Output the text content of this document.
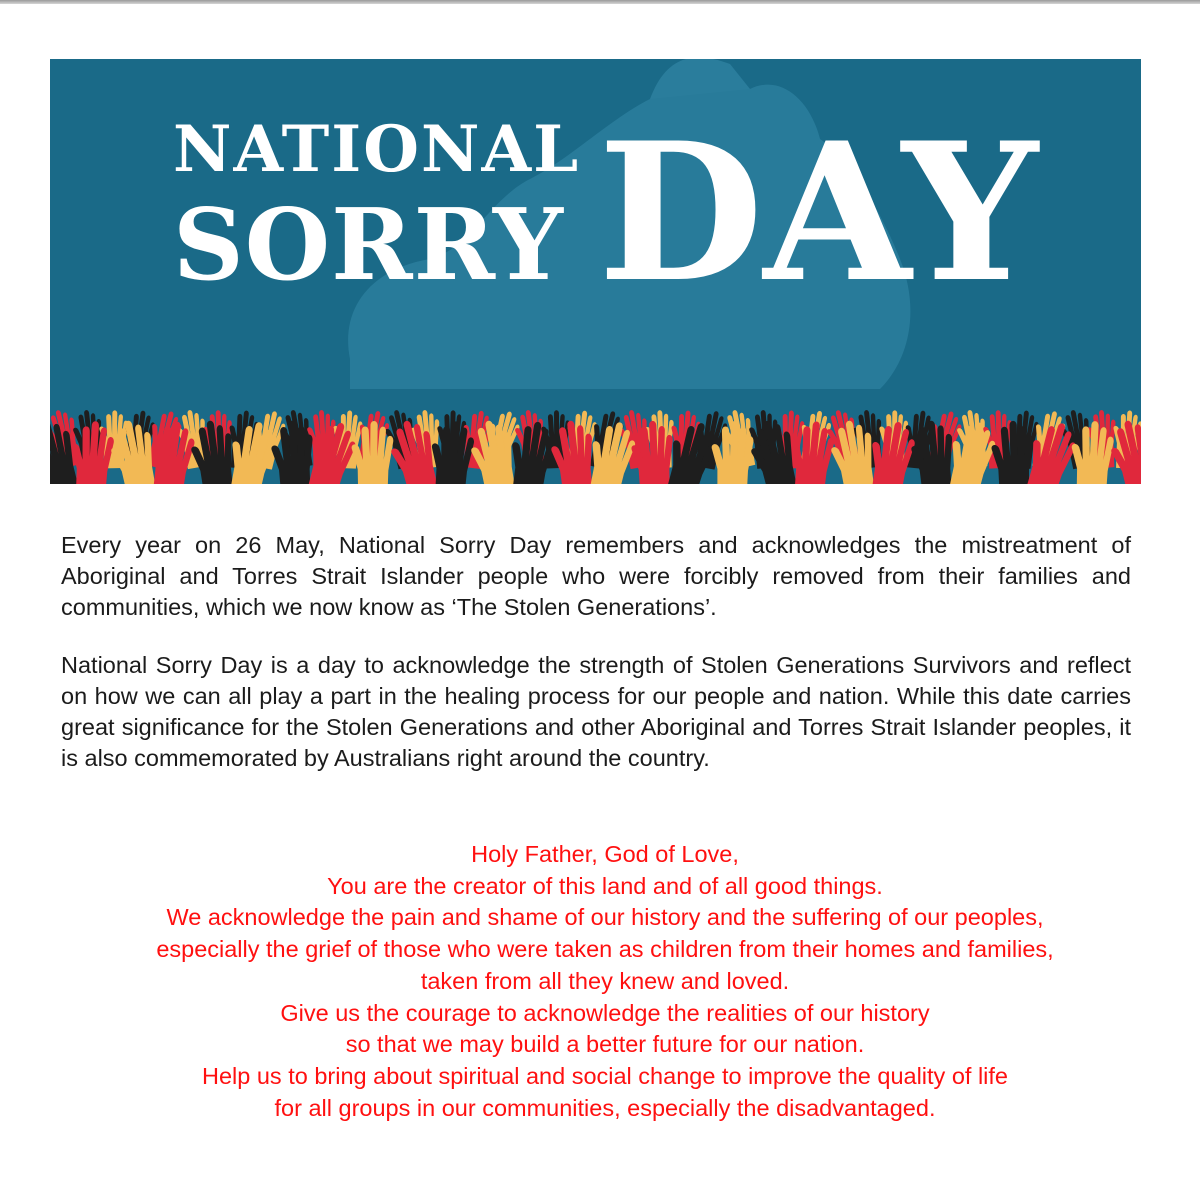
NATIONAL
SORRY DAY

Every year on 26 May, National Sorry Day remembers and acknowledges the mistreatment of Aboriginal and Torres Strait Islander people who were forcibly removed from their families and communities, which we now know as ‘The Stolen Generations’.

National Sorry Day is a day to acknowledge the strength of Stolen Generations Survivors and reflect on how we can all play a part in the healing process for our people and nation. While this date carries great significance for the Stolen Generations and other Aboriginal and Torres Strait Islander peoples, it is also commemorated by Australians right around the country.

Holy Father, God of Love,
You are the creator of this land and of all good things.
We acknowledge the pain and shame of our history and the suffering of our peoples,
especially the grief of those who were taken as children from their homes and families,
taken from all they knew and loved.
Give us the courage to acknowledge the realities of our history
so that we may build a better future for our nation.
Help us to bring about spiritual and social change to improve the quality of life
for all groups in our communities, especially the disadvantaged.
